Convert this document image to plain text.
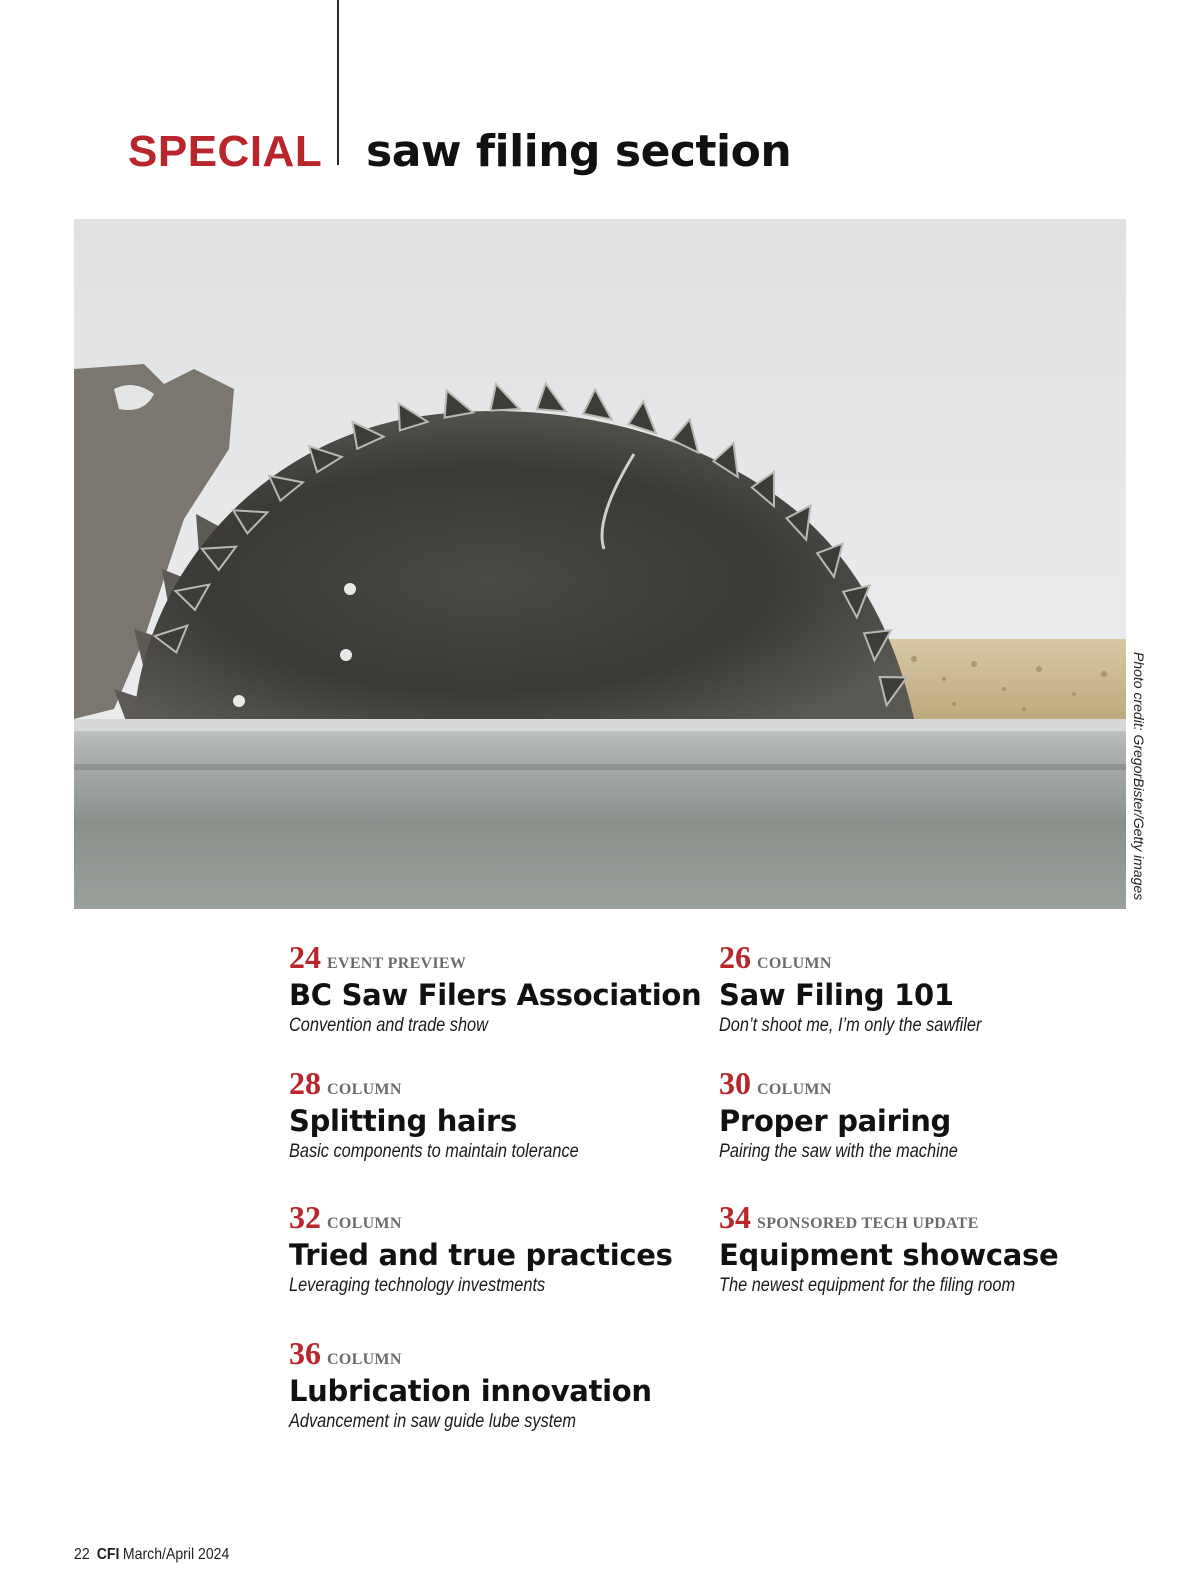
SPECIAL saw filing section
Photo credit: GregorBister/Getty images
24 EVENT PREVIEW
BC Saw Filers Association
Convention and trade show
26 COLUMN
Saw Filing 101
Don’t shoot me, I’m only the sawfiler
28 COLUMN
Splitting hairs
Basic components to maintain tolerance
30 COLUMN
Proper pairing
Pairing the saw with the machine
32 COLUMN
Tried and true practices
Leveraging technology investments
34 SPONSORED TECH UPDATE
Equipment showcase
The newest equipment for the filing room
36 COLUMN
Lubrication innovation
Advancement in saw guide lube system
22 CFI March/April 2024
